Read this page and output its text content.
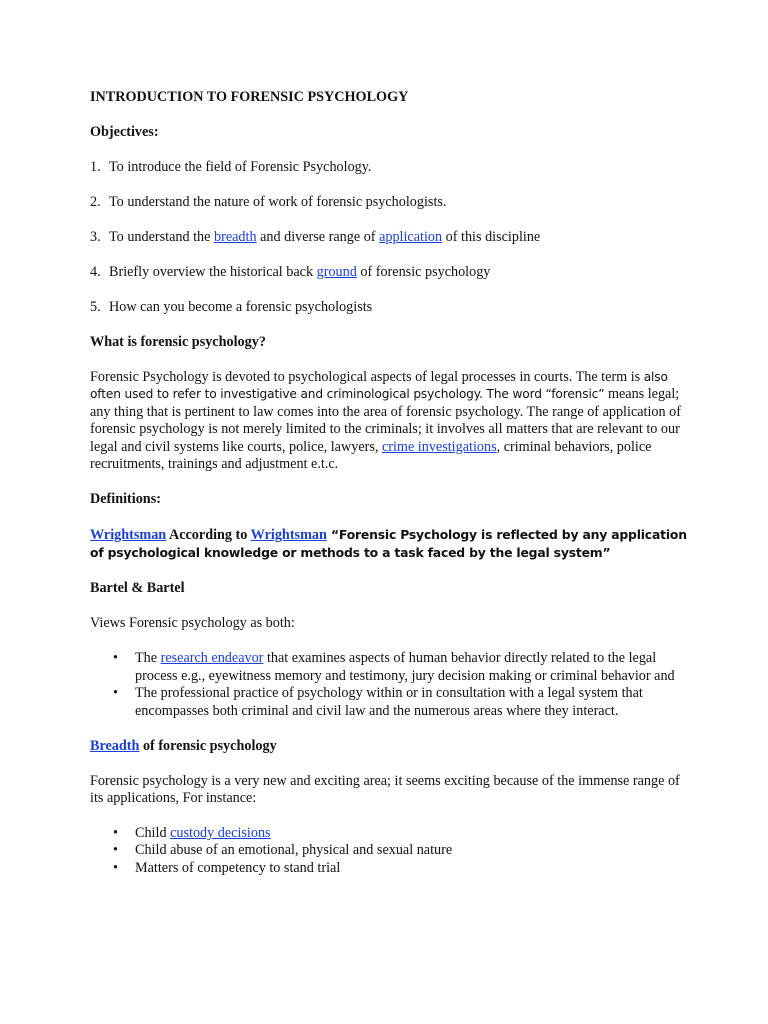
INTRODUCTION TO FORENSIC PSYCHOLOGY

Objectives:

1. To introduce the field of Forensic Psychology.

2. To understand the nature of work of forensic psychologists.

3. To understand the breadth and diverse range of application of this discipline

4. Briefly overview the historical back ground of forensic psychology

5. How can you become a forensic psychologists

What is forensic psychology?

Forensic Psychology is devoted to psychological aspects of legal processes in courts. The term is also often used to refer to investigative and criminological psychology. The word “forensic” means legal; any thing that is pertinent to law comes into the area of forensic psychology. The range of application of forensic psychology is not merely limited to the criminals; it involves all matters that are relevant to our legal and civil systems like courts, police, lawyers, crime investigations, criminal behaviors, police recruitments, trainings and adjustment e.t.c.

Definitions:

Wrightsman According to Wrightsman “Forensic Psychology is reflected by any application of psychological knowledge or methods to a task faced by the legal system”

Bartel & Bartel

Views Forensic psychology as both:

• The research endeavor that examines aspects of human behavior directly related to the legal process e.g., eyewitness memory and testimony, jury decision making or criminal behavior and
• The professional practice of psychology within or in consultation with a legal system that encompasses both criminal and civil law and the numerous areas where they interact.

Breadth of forensic psychology

Forensic psychology is a very new and exciting area; it seems exciting because of the immense range of its applications, For instance:

• Child custody decisions
• Child abuse of an emotional, physical and sexual nature
• Matters of competency to stand trial
